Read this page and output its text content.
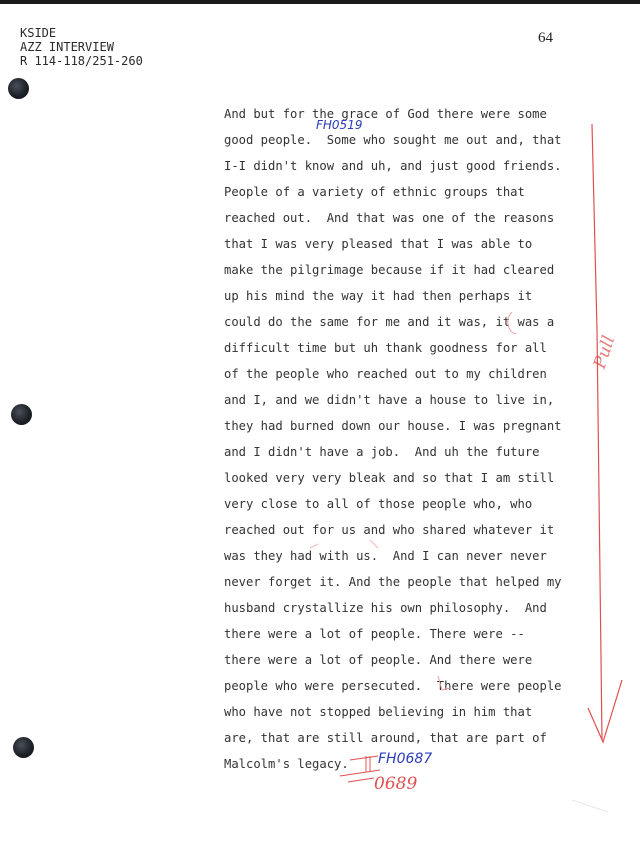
KSIDE
AZZ INTERVIEW
R 114-118/251-260
64
And but for the grace of God there were some
good people.  Some who sought me out and, that
I-I didn't know and uh, and just good friends.
People of a variety of ethnic groups that
reached out.  And that was one of the reasons
that I was very pleased that I was able to
make the pilgrimage because if it had cleared
up his mind the way it had then perhaps it
could do the same for me and it was, it was a
difficult time but uh thank goodness for all
of the people who reached out to my children
and I, and we didn't have a house to live in,
they had burned down our house. I was pregnant
and I didn't have a job.  And uh the future
looked very very bleak and so that I am still
very close to all of those people who, who
reached out for us and who shared whatever it
was they had with us.  And I can never never
never forget it. And the people that helped my
husband crystallize his own philosophy.  And
there were a lot of people. There were --
there were a lot of people. And there were
people who were persecuted.  There were people
who have not stopped believing in him that
are, that are still around, that are part of
Malcolm's legacy.
FH0519
FH0687
0689
Pull
